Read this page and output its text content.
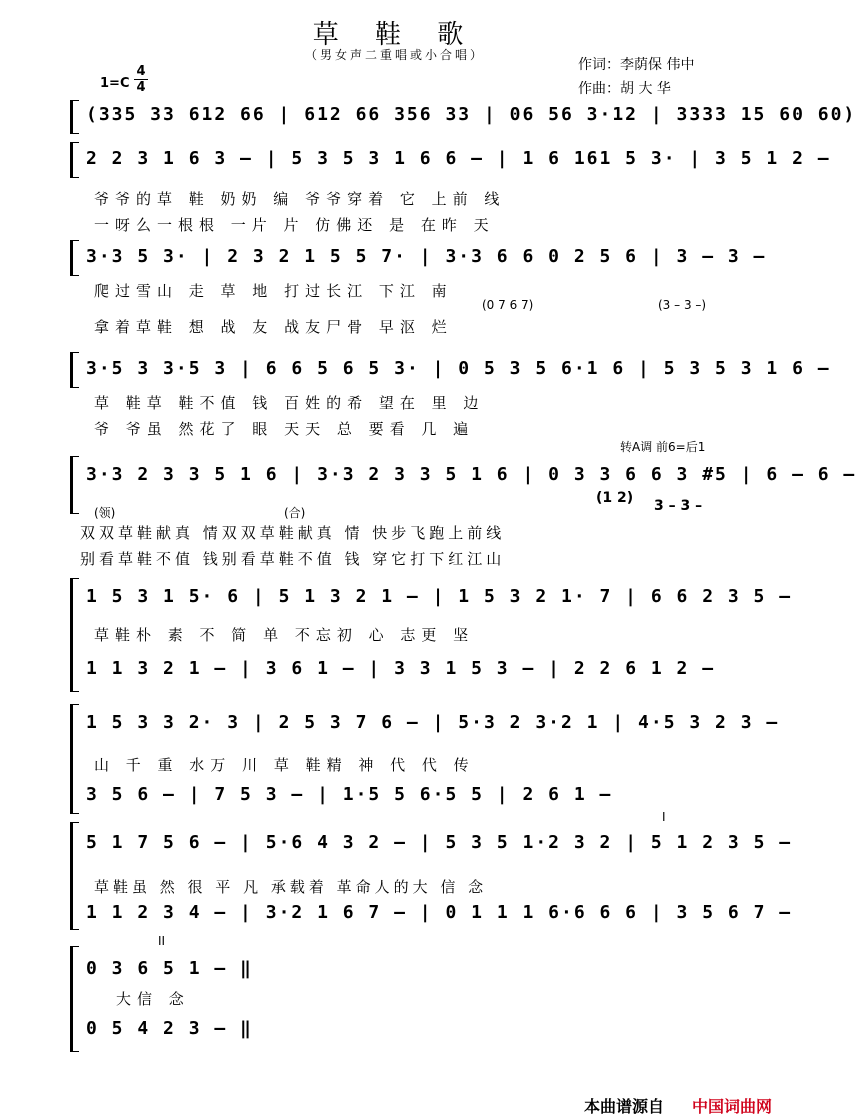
草 鞋 歌
（男女声二重唱或小合唱）
作词：李荫保 伟中
作曲：胡 大 华
1=C
4
4
(335 33 612 66 | 612 66 356 33 | 06 56 3·12 | 3333 15 60 60)
2 2 3 1 6 3 – | 5 3 5 3 1 6 6 – | 1 6 161 5 3· | 3 5 1 2 –
爷爷的草 鞋 奶奶 编 爷爷穿着 它 上前 线
一呀么一根根 一片 片 仿佛还 是 在昨 天
3·3 5 3· | 2 3 2 1 5 5 7· | 3·3 6 6 0 2 5 6 | 3 – 3 –
爬过雪山 走 草 地 打过长江 下江 南
(0 7 6 7)	(3 – 3 –)
拿着草鞋 想 战 友 战友尸骨 早沤 烂
3·5 3 3·5 3 | 6 6 5 6 5 3· | 0 5 3 5 6·1 6 | 5 3 5 3 1 6 –
草 鞋草 鞋不值 钱 百姓的希 望在 里 边
爷 爷虽 然花了 眼 天天 总 要看 几 遍
转A调 前6=后1
3·3 2 3 3 5 1 6 | 3·3 2 3 3 5 1 6 | 0 3 3 6 6 3 #5 | 6 – 6 –
(领)	(合)
(1 2) 3 – 3 –
双双草鞋献真 情双双草鞋献真 情 快步飞跑上前线
别看草鞋不值 钱别看草鞋不值 钱 穿它打下红江山
1 5 3 1 5· 6 | 5 1 3 2 1 – | 1 5 3 2 1· 7 | 6 6 2 3 5 –
草鞋朴 素 不 简 单 不忘初 心 志更 坚
1 1 3 2 1 – | 3 6 1 – | 3 3 1 5 3 – | 2 2 6 1 2 –
1 5 3 3 2· 3 | 2 5 3 7 6 – | 5·3 2 3·2 1 | 4·5 3 2 3 –
山 千 重 水万 川 草 鞋精 神 代 代 传
3 5 6 – | 7 5 3 – | 1·5 5 6·5 5 | 2 6 1 –
I
5 1 7 5 6 – | 5·6 4 3 2 – | 5 3 5 1·2 3 2 | 5 1 2 3 5 –
草鞋虽 然 很 平 凡 承载着 革命人的大 信 念
1 1 2 3 4 – | 3·2 1 6 7 – | 0 1 1 1 6·6 6 6 | 3 5 6 7 –
II
0 3 6 5 1 – ‖
大信 念
0 5 4 2 3 – ‖
本曲谱源自 中国词曲网
